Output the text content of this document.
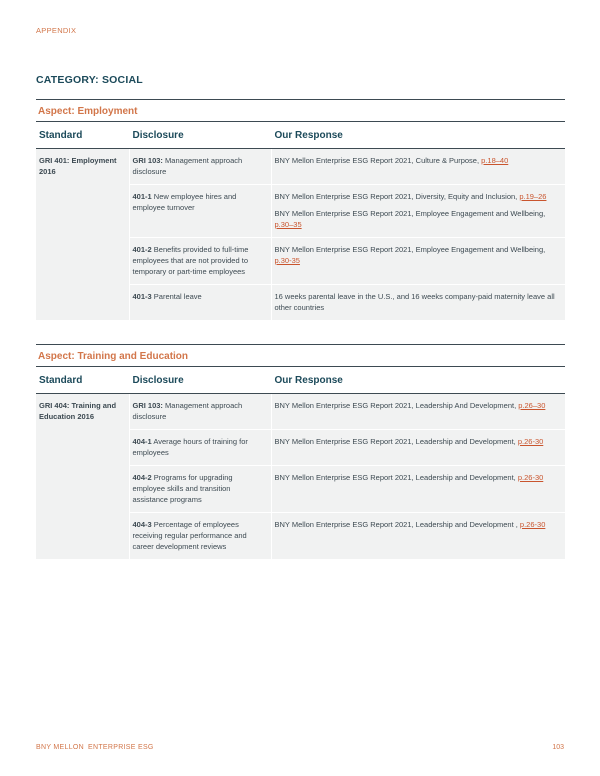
APPENDIX
CATEGORY: SOCIAL
Aspect: Employment
Standard	Disclosure	Our Response
GRI 401: Employment 2016	GRI 103: Management approach disclosure	BNY Mellon Enterprise ESG Report 2021, Culture & Purpose, p.18–40

	401-1 New employee hires and employee turnover	BNY Mellon Enterprise ESG Report 2021, Diversity, Equity and Inclusion, p.19–26
BNY Mellon Enterprise ESG Report 2021, Employee Engagement and Wellbeing, p.30–35

	401-2 Benefits provided to full-time employees that are not provided to temporary or part-time employees	BNY Mellon Enterprise ESG Report 2021, Employee Engagement and Wellbeing, p.30-35

	401-3 Parental leave	16 weeks parental leave in the U.S., and 16 weeks company-paid maternity leave all other countries
Aspect: Training and Education
Standard	Disclosure	Our Response
GRI 404: Training and Education 2016	GRI 103: Management approach disclosure	BNY Mellon Enterprise ESG Report 2021, Leadership And Development, p.26–30

	404-1 Average hours of training for employees	BNY Mellon Enterprise ESG Report 2021, Leadership and Development, p.26-30

	404-2 Programs for upgrading employee skills and transition assistance programs	BNY Mellon Enterprise ESG Report 2021, Leadership and Development, p.26-30

	404-3 Percentage of employees receiving regular performance and career development reviews	BNY Mellon Enterprise ESG Report 2021, Leadership and Development , p.26-30
BNY MELLON ENTERPRISE ESG	103
